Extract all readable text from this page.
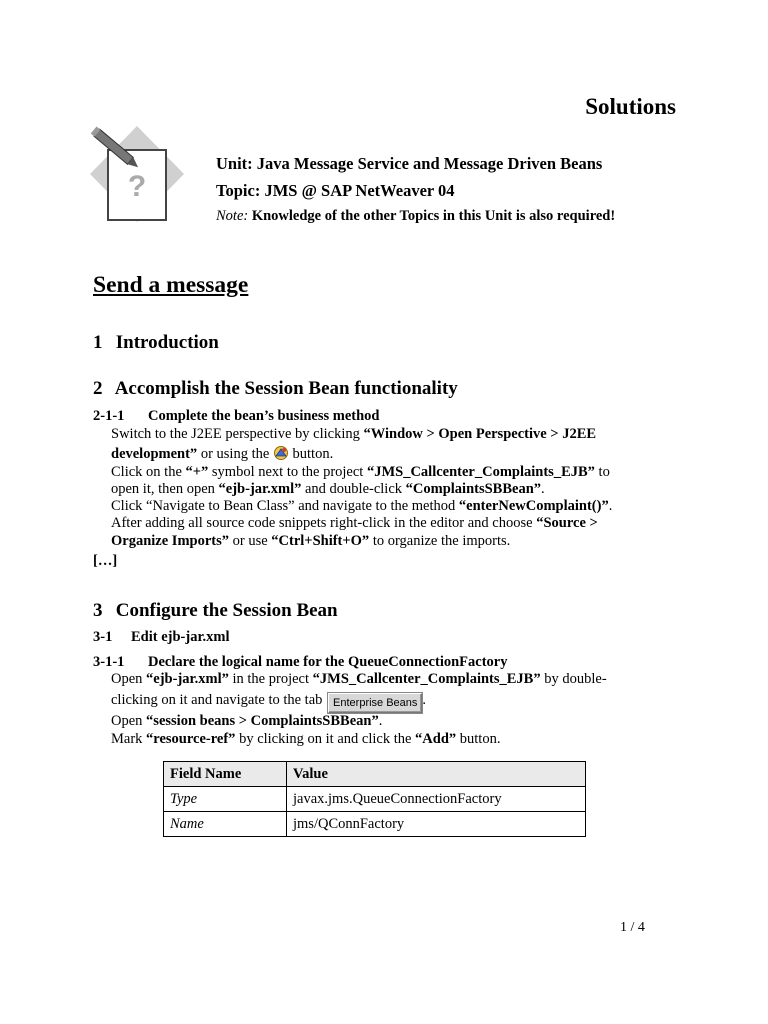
Solutions
?
Unit: Java Message Service and Message Driven Beans
Topic: JMS @ SAP NetWeaver 04
Note: Knowledge of the other Topics in this Unit is also required!
Send a message
1 Introduction
2 Accomplish the Session Bean functionality
2-1-1 Complete the bean’s business method
Switch to the J2EE perspective by clicking “Window > Open Perspective > J2EE
development” or using the  button.
Click on the “+” symbol next to the project “JMS_Callcenter_Complaints_EJB” to
open it, then open “ejb-jar.xml” and double-click “ComplaintsSBBean”.
Click “Navigate to Bean Class” and navigate to the method “enterNewComplaint()”.
After adding all source code snippets right-click in the editor and choose “Source >
Organize Imports” or use “Ctrl+Shift+O” to organize the imports.
[…]
3 Configure the Session Bean
3-1 Edit ejb-jar.xml
3-1-1 Declare the logical name for the QueueConnectionFactory
Open “ejb-jar.xml” in the project “JMS_Callcenter_Complaints_EJB” by double-
clicking on it and navigate to the tab Enterprise Beans .
Open “session beans > ComplaintsSBBean”.
Mark “resource-ref” by clicking on it and click the “Add” button.
Field Name	Value
Type	javax.jms.QueueConnectionFactory
Name	jms/QConnFactory
1 / 4
